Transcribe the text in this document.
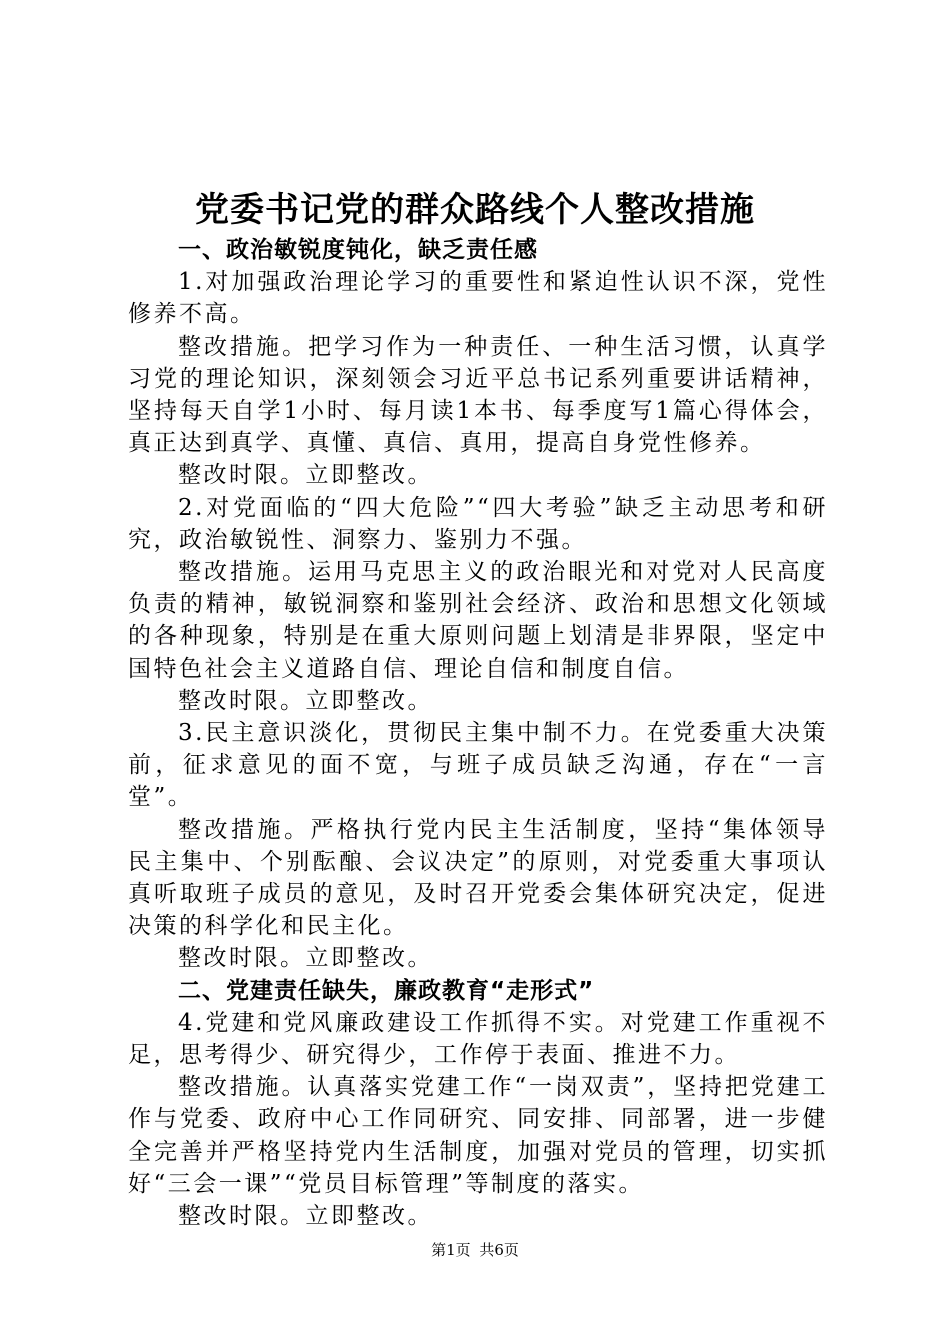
党委书记党的群众路线个人整改措施

一、政治敏锐度钝化，缺乏责任感

1.对加强政治理论学习的重要性和紧迫性认识不深，党性修养不高。

整改措施。把学习作为一种责任、一种生活习惯，认真学习党的理论知识，深刻领会习近平总书记系列重要讲话精神，坚持每天自学1小时、每月读1本书、每季度写1篇心得体会，真正达到真学、真懂、真信、真用，提高自身党性修养。

整改时限。立即整改。

2.对党面临的“四大危险”“四大考验”缺乏主动思考和研究，政治敏锐性、洞察力、鉴别力不强。

整改措施。运用马克思主义的政治眼光和对党对人民高度负责的精神，敏锐洞察和鉴别社会经济、政治和思想文化领域的各种现象，特别是在重大原则问题上划清是非界限，坚定中国特色社会主义道路自信、理论自信和制度自信。

整改时限。立即整改。

3.民主意识淡化，贯彻民主集中制不力。在党委重大决策前，征求意见的面不宽，与班子成员缺乏沟通，存在“一言堂”。

整改措施。严格执行党内民主生活制度，坚持“集体领导民主集中、个别酝酿、会议决定”的原则，对党委重大事项认真听取班子成员的意见，及时召开党委会集体研究决定，促进决策的科学化和民主化。

整改时限。立即整改。

二、党建责任缺失，廉政教育“走形式”

4.党建和党风廉政建设工作抓得不实。对党建工作重视不足，思考得少、研究得少，工作停于表面、推进不力。

整改措施。认真落实党建工作“一岗双责”，坚持把党建工作与党委、政府中心工作同研究、同安排、同部署，进一步健全完善并严格坚持党内生活制度，加强对党员的管理，切实抓好“三会一课”“党员目标管理”等制度的落实。

整改时限。立即整改。

第1页 共6页
